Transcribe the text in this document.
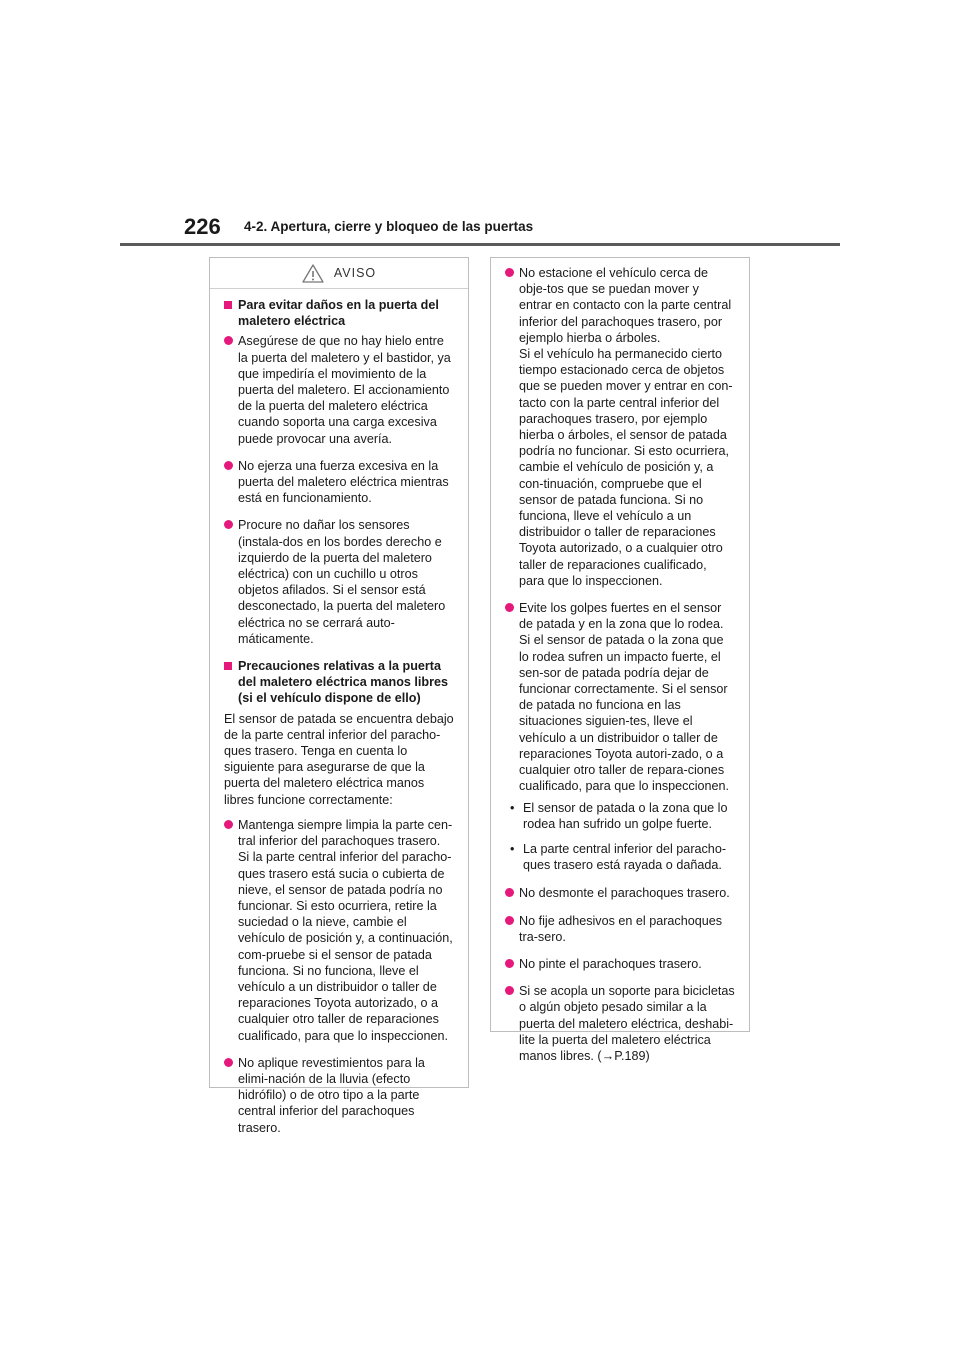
226 4-2. Apertura, cierre y bloqueo de las puertas
AVISO

Para evitar daños en la puerta del maletero eléctrica

Asegúrese de que no hay hielo entre la puerta del maletero y el bastidor, ya que impediría el movimiento de la puerta del maletero. El accionamiento de la puerta del maletero eléctrica cuando soporta una carga excesiva puede provocar una avería.

No ejerza una fuerza excesiva en la puerta del maletero eléctrica mientras está en funcionamiento.

Procure no dañar los sensores (instala-dos en los bordes derecho e izquierdo de la puerta del maletero eléctrica) con un cuchillo u otros objetos afilados. Si el sensor está desconectado, la puerta del maletero eléctrica no se cerrará auto-máticamente.

Precauciones relativas a la puerta del maletero eléctrica manos libres (si el vehículo dispone de ello)

El sensor de patada se encuentra debajo de la parte central inferior del paracho-ques trasero. Tenga en cuenta lo siguiente para asegurarse de que la puerta del maletero eléctrica manos libres funcione correctamente:

Mantenga siempre limpia la parte cen-tral inferior del parachoques trasero.

Si la parte central inferior del paracho-ques trasero está sucia o cubierta de nieve, el sensor de patada podría no funcionar. Si esto ocurriera, retire la suciedad o la nieve, cambie el vehículo de posición y, a continuación, com-pruebe si el sensor de patada funciona. Si no funciona, lleve el vehículo a un distribuidor o taller de reparaciones Toyota autorizado, o a cualquier otro taller de reparaciones cualificado, para que lo inspeccionen.

No aplique revestimientos para la elimi-nación de la lluvia (efecto hidrófilo) o de otro tipo a la parte central inferior del parachoques trasero.

No estacione el vehículo cerca de obje-tos que se puedan mover y entrar en contacto con la parte central inferior del parachoques trasero, por ejemplo hierba o árboles.

Si el vehículo ha permanecido cierto tiempo estacionado cerca de objetos que se pueden mover y entrar en con-tacto con la parte central inferior del parachoques trasero, por ejemplo hierba o árboles, el sensor de patada podría no funcionar. Si esto ocurriera, cambie el vehículo de posición y, a con-tinuación, compruebe que el sensor de patada funciona. Si no funciona, lleve el vehículo a un distribuidor o taller de reparaciones Toyota autorizado, o a cualquier otro taller de reparaciones cualificado, para que lo inspeccionen.

Evite los golpes fuertes en el sensor de patada y en la zona que lo rodea.

Si el sensor de patada o la zona que lo rodea sufren un impacto fuerte, el sen-sor de patada podría dejar de funcionar correctamente. Si el sensor de patada no funciona en las situaciones siguien-tes, lleve el vehículo a un distribuidor o taller de reparaciones Toyota autori-zado, o a cualquier otro taller de repara-ciones cualificado, para que lo inspeccionen.

• El sensor de patada o la zona que lo rodea han sufrido un golpe fuerte.

• La parte central inferior del paracho-ques trasero está rayada o dañada.

No desmonte el parachoques trasero.

No fije adhesivos en el parachoques tra-sero.

No pinte el parachoques trasero.

Si se acopla un soporte para bicicletas o algún objeto pesado similar a la puerta del maletero eléctrica, deshabi-lite la puerta del maletero eléctrica manos libres. (→P.189)
